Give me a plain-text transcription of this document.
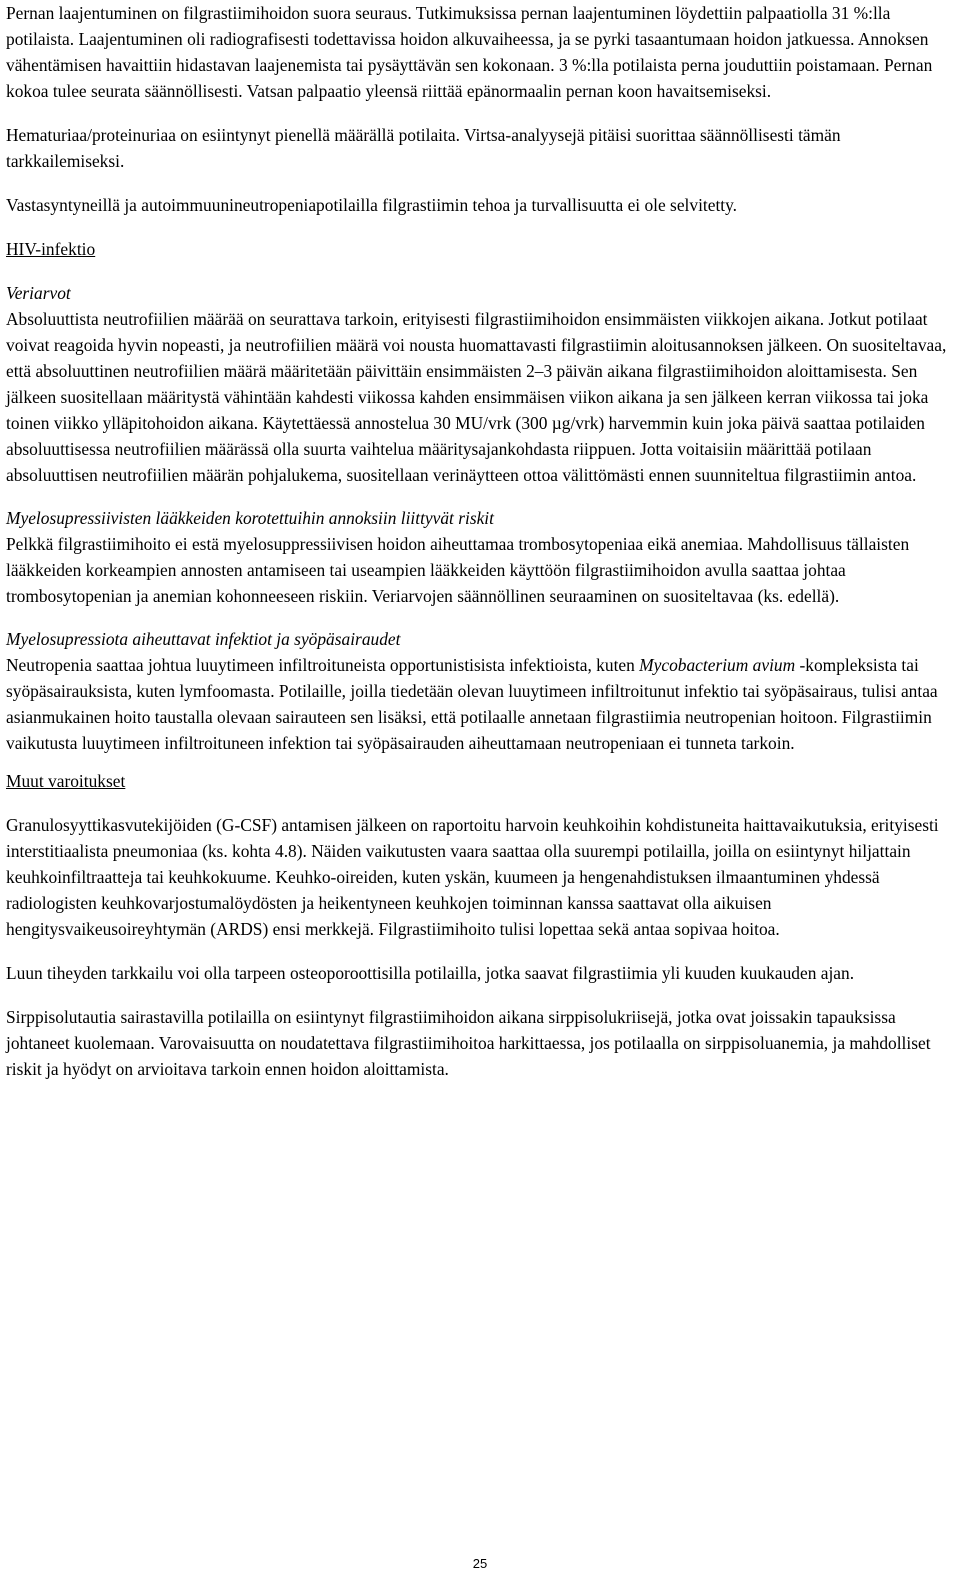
Pernan laajentuminen on filgrastiimihoidon suora seuraus. Tutkimuksissa pernan laajentuminen löydettiin palpaatiolla 31 %:lla potilaista. Laajentuminen oli radiografisesti todettavissa hoidon alkuvaiheessa, ja se pyrki tasaantumaan hoidon jatkuessa. Annoksen vähentämisen havaittiin hidastavan laajenemista tai pysäyttävän sen kokonaan. 3 %:lla potilaista perna jouduttiin poistamaan. Pernan kokoa tulee seurata säännöllisesti. Vatsan palpaatio yleensä riittää epänormaalin pernan koon havaitsemiseksi.

Hematuriaa/proteinuriaa on esiintynyt pienellä määrällä potilaita. Virtsa-analyysejä pitäisi suorittaa säännöllisesti tämän tarkkailemiseksi.

Vastasyntyneillä ja autoimmuunineutropeniapotilailla filgrastiimin tehoa ja turvallisuutta ei ole selvitetty.

HIV-infektio

Veriarvot

Absoluuttista neutrofiilien määrää on seurattava tarkoin, erityisesti filgrastiimihoidon ensimmäisten viikkojen aikana. Jotkut potilaat voivat reagoida hyvin nopeasti, ja neutrofiilien määrä voi nousta huomattavasti filgrastiimin aloitusannoksen jälkeen. On suositeltavaa, että absoluuttinen neutrofiilien määrä määritetään päivittäin ensimmäisten 2–3 päivän aikana filgrastiimihoidon aloittamisesta. Sen jälkeen suositellaan määritystä vähintään kahdesti viikossa kahden ensimmäisen viikon aikana ja sen jälkeen kerran viikossa tai joka toinen viikko ylläpitohoidon aikana. Käytettäessä annostelua 30 MU/vrk (300 µg/vrk) harvemmin kuin joka päivä saattaa potilaiden absoluuttisessa neutrofiilien määrässä olla suurta vaihtelua määritysajankohdasta riippuen. Jotta voitaisiin määrittää potilaan absoluuttisen neutrofiilien määrän pohjalukema, suositellaan verinäytteen ottoa välittömästi ennen suunniteltua filgrastiimin antoa.

Myelosupressiivisten lääkkeiden korotettuihin annoksiin liittyvät riskit

Pelkkä filgrastiimihoito ei estä myelosuppressiivisen hoidon aiheuttamaa trombosytopeniaa eikä anemiaa. Mahdollisuus tällaisten lääkkeiden korkeampien annosten antamiseen tai useampien lääkkeiden käyttöön filgrastiimihoidon avulla saattaa johtaa trombosytopenian ja anemian kohonneeseen riskiin. Veriarvojen säännöllinen seuraaminen on suositeltavaa (ks. edellä).

Myelosupressiota aiheuttavat infektiot ja syöpäsairaudet

Neutropenia saattaa johtua luuytimeen infiltroituneista opportunistisista infektioista, kuten Mycobacterium avium -kompleksista tai syöpäsairauksista, kuten lymfoomasta. Potilaille, joilla tiedetään olevan luuytimeen infiltroitunut infektio tai syöpäsairaus, tulisi antaa asianmukainen hoito taustalla olevaan sairauteen sen lisäksi, että potilaalle annetaan filgrastiimia neutropenian hoitoon. Filgrastiimin vaikutusta luuytimeen infiltroituneen infektion tai syöpäsairauden aiheuttamaan neutropeniaan ei tunneta tarkoin.

Muut varoitukset

Granulosyyttikasvutekijöiden (G-CSF) antamisen jälkeen on raportoitu harvoin keuhkoihin kohdistuneita haittavaikutuksia, erityisesti interstitiaalista pneumoniaa (ks. kohta 4.8). Näiden vaikutusten vaara saattaa olla suurempi potilailla, joilla on esiintynyt hiljattain keuhkoinfiltraatteja tai keuhkokuume. Keuhko-oireiden, kuten yskän, kuumeen ja hengenahdistuksen ilmaantuminen yhdessä radiologisten keuhkovarjostumalöydösten ja heikentyneen keuhkojen toiminnan kanssa saattavat olla aikuisen hengitysvaikeusoireyhtymän (ARDS) ensi merkkejä. Filgrastiimihoito tulisi lopettaa sekä antaa sopivaa hoitoa.

Luun tiheyden tarkkailu voi olla tarpeen osteoporoottisilla potilailla, jotka saavat filgrastiimia yli kuuden kuukauden ajan.

Sirppisolutautia sairastavilla potilailla on esiintynyt filgrastiimihoidon aikana sirppisolukriisejä, jotka ovat joissakin tapauksissa johtaneet kuolemaan. Varovaisuutta on noudatettava filgrastiimihoitoa harkittaessa, jos potilaalla on sirppisoluanemia, ja mahdolliset riskit ja hyödyt on arvioitava tarkoin ennen hoidon aloittamista.

25
